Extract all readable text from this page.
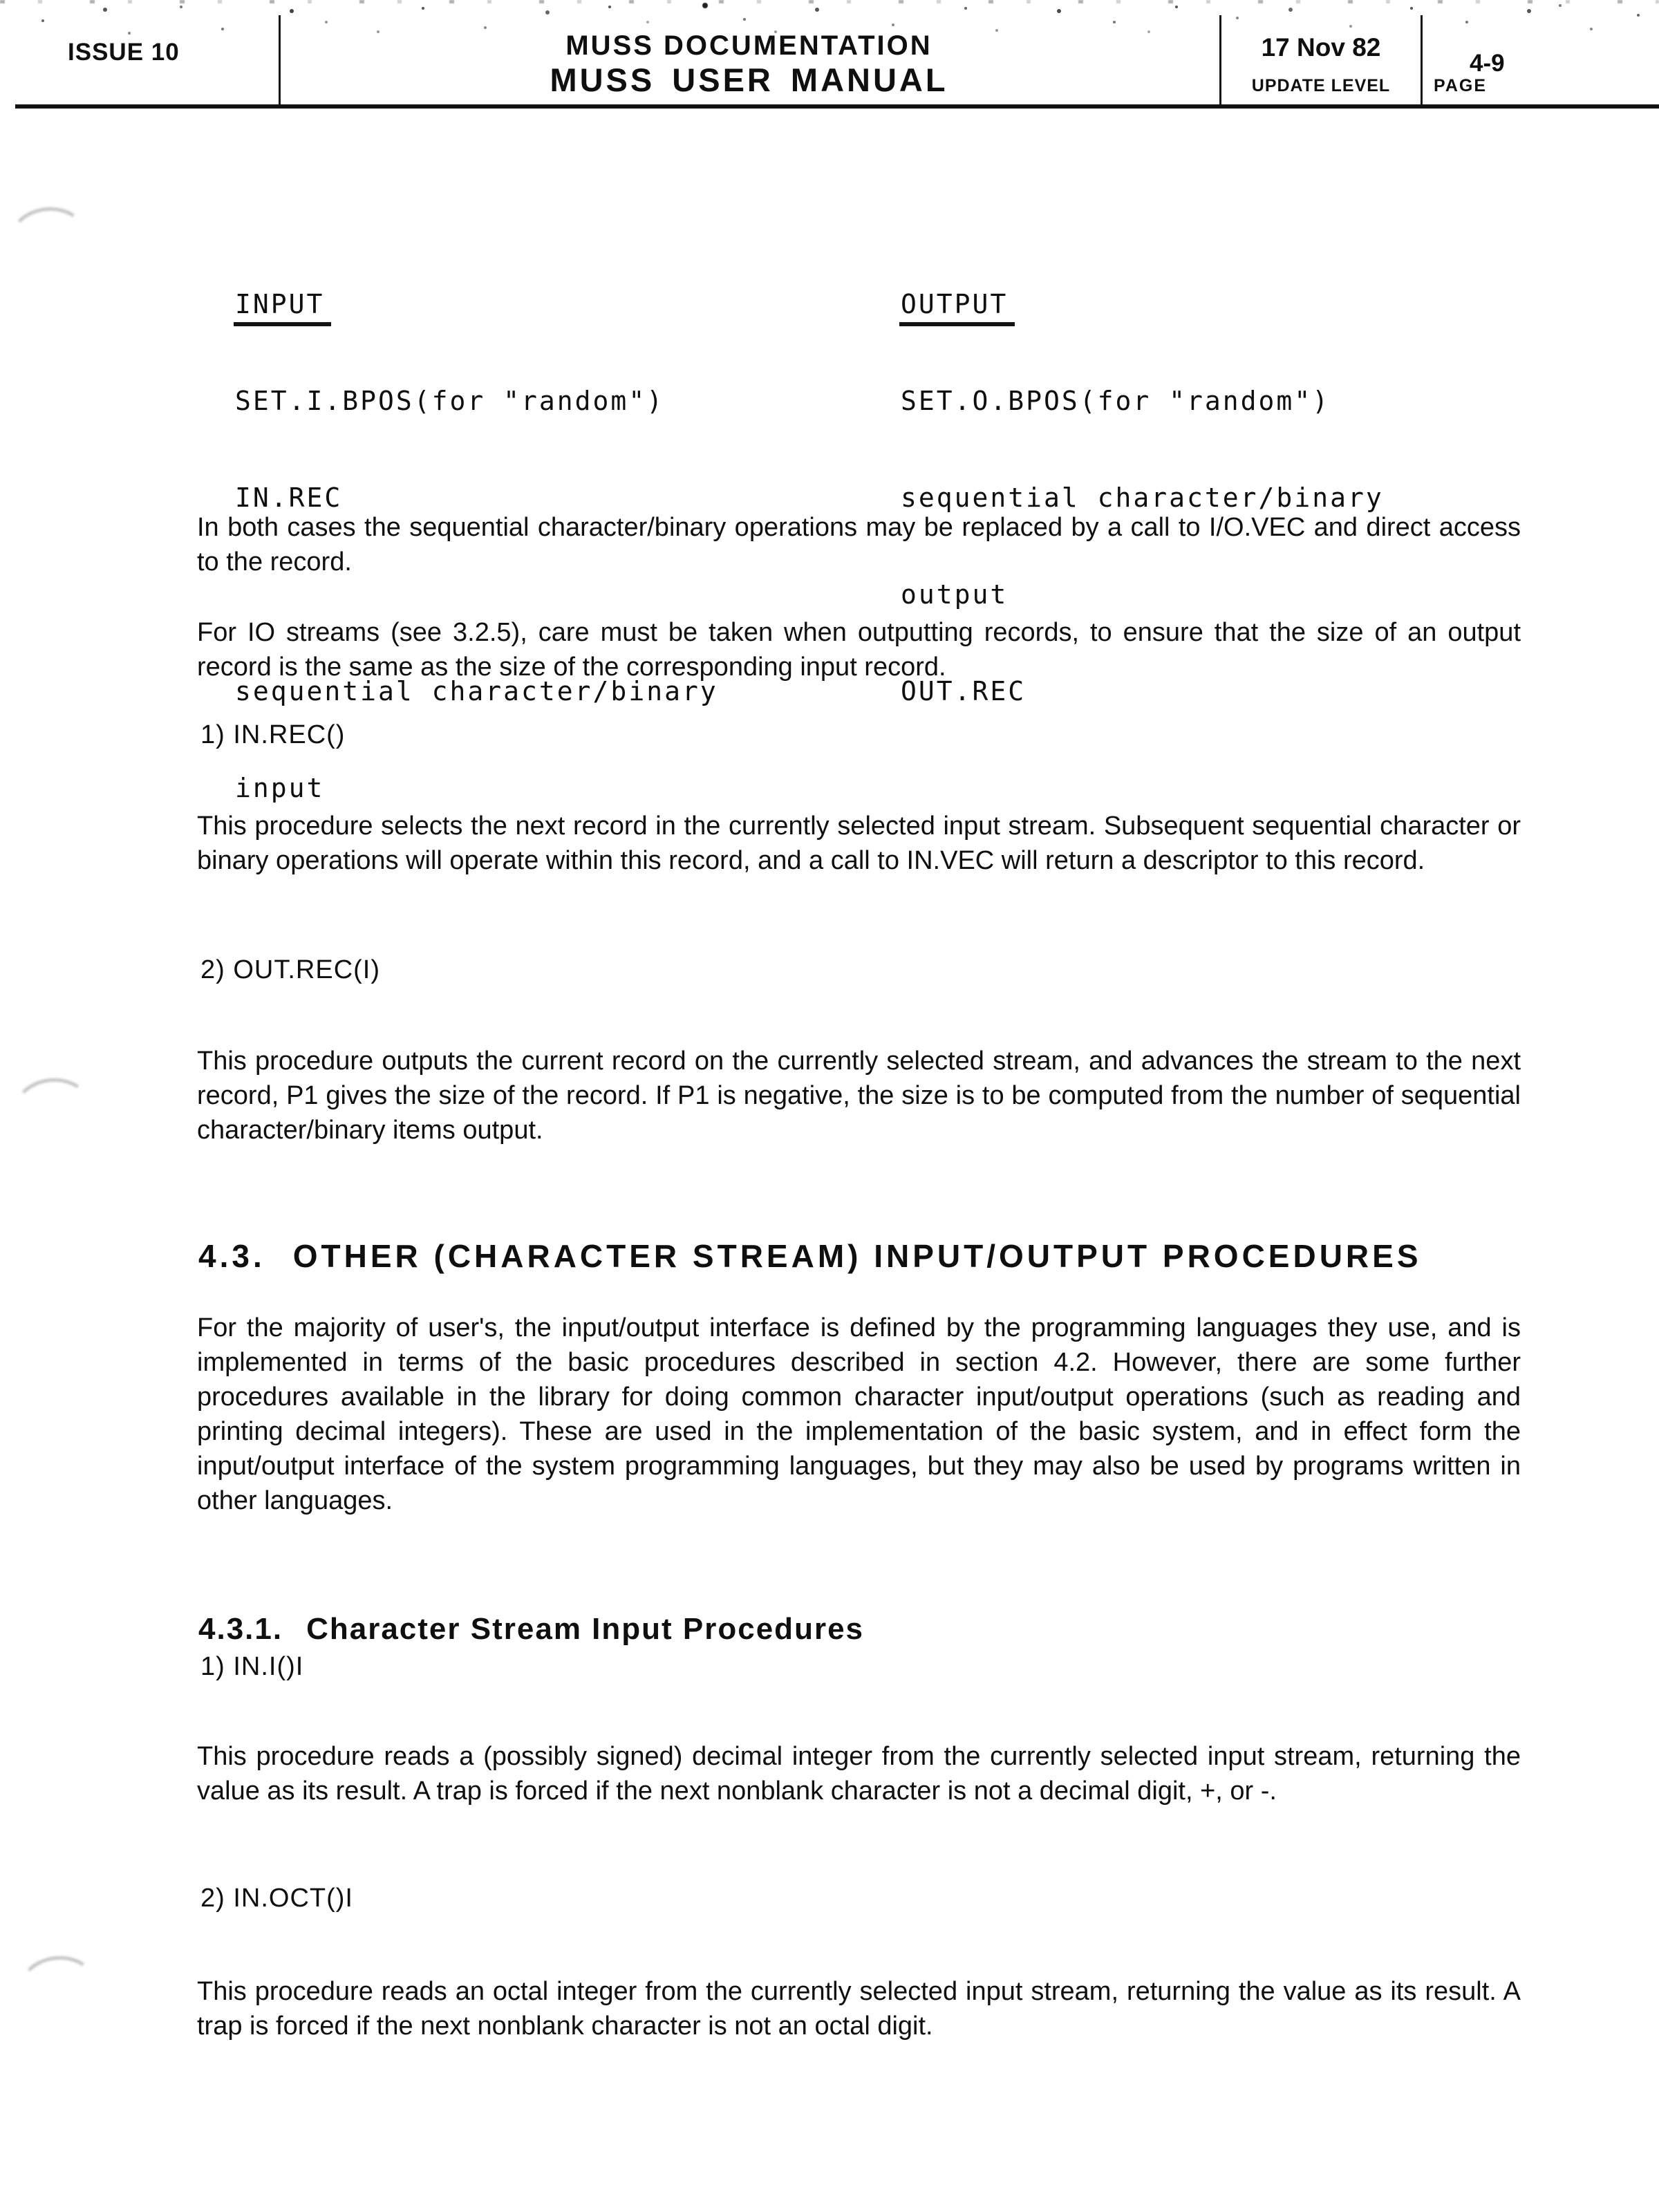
ISSUE 10	MUSS DOCUMENTATION
MUSS USER MANUAL
17 Nov 82
UPDATE LEVEL
4-9
PAGE

INPUT

SET.I.BPOS(for "random")

IN.REC

sequential character/binary

input

OUTPUT

SET.O.BPOS(for "random")

sequential character/binary

output

OUT.REC

In both cases the sequential character/binary operations may be replaced by a call to I/O.VEC and direct access to the record.

For IO streams (see 3.2.5), care must be taken when outputting records, to ensure that the size of an output record is the same as the size of the corresponding input record.

1) IN.REC()

This procedure selects the next record in the currently selected input stream. Subsequent sequential character or binary operations will operate within this record, and a call to IN.VEC will return a descriptor to this record.

2) OUT.REC(I)

This procedure outputs the current record on the currently selected stream, and advances the stream to the next record, P1 gives the size of the record. If P1 is negative, the size is to be computed from the number of sequential character/binary items output.

4.3. OTHER (CHARACTER STREAM) INPUT/OUTPUT PROCEDURES

For the majority of user's, the input/output interface is defined by the programming languages they use, and is implemented in terms of the basic procedures described in section 4.2. However, there are some further procedures available in the library for doing common character input/output operations (such as reading and printing decimal integers). These are used in the implementation of the basic system, and in effect form the input/output interface of the system programming languages, but they may also be used by programs written in other languages.

4.3.1. Character Stream Input Procedures
1) IN.I()I

This procedure reads a (possibly signed) decimal integer from the currently selected input stream, returning the value as its result. A trap is forced if the next nonblank character is not a decimal digit, +, or -.

2) IN.OCT()I

This procedure reads an octal integer from the currently selected input stream, returning the value as its result. A trap is forced if the next nonblank character is not an octal digit.
